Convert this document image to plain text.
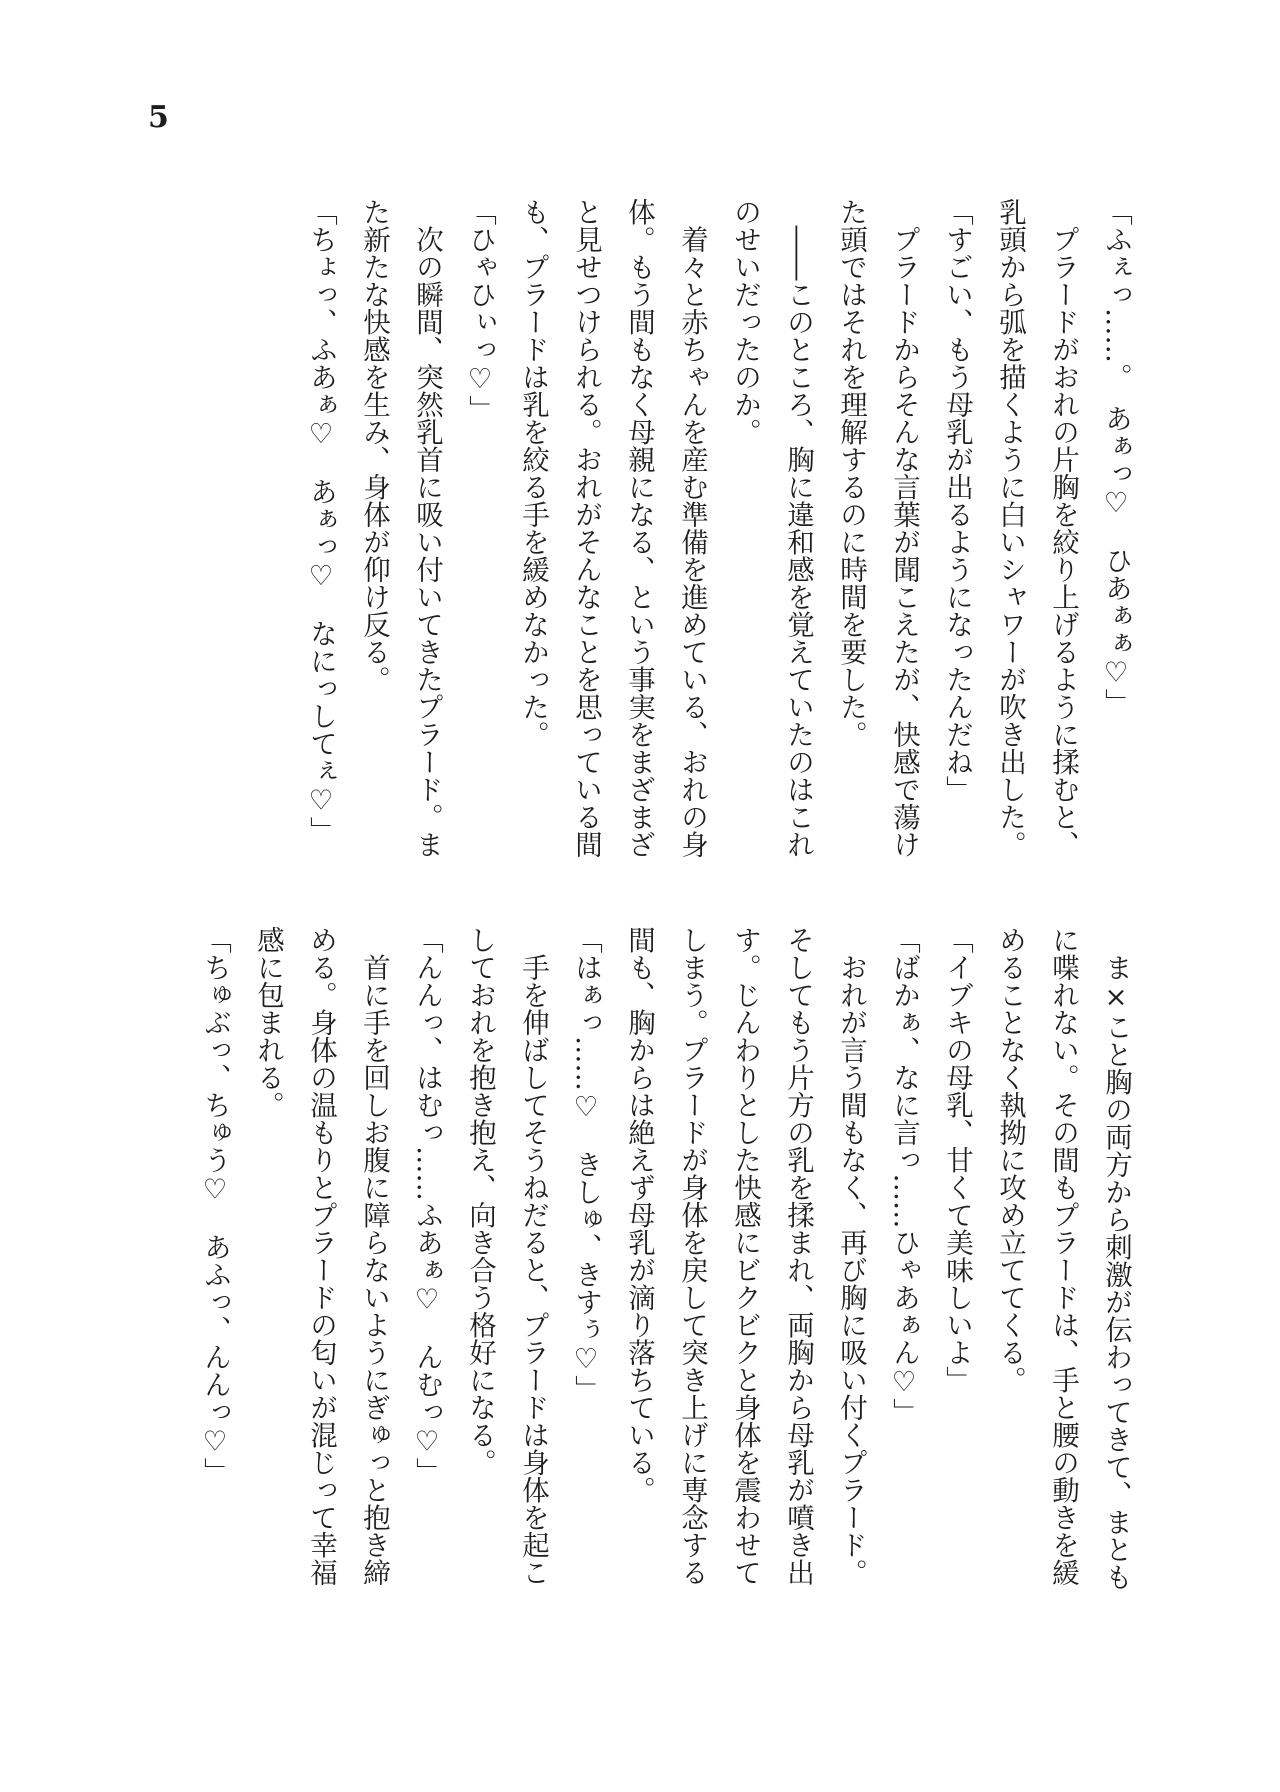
5
「ふぇっ……。　あぁっ♡　ひあぁぁ♡」
　プラードがおれの片胸を絞り上げるように揉むと、
乳頭から弧を描くように白いシャワーが吹き出した。
「すごい、もう母乳が出るようになったんだね」
　プラードからそんな言葉が聞こえたが、快感で蕩け
た頭ではそれを理解するのに時間を要した。
　――このところ、胸に違和感を覚えていたのはこれ
のせいだったのか。
　着々と赤ちゃんを産む準備を進めている、おれの身
体。もう間もなく母親になる、という事実をまざまざ
と見せつけられる。おれがそんなことを思っている間
も、プラードは乳を絞る手を緩めなかった。
「ひゃひぃっ♡」
　次の瞬間、突然乳首に吸い付いてきたプラード。ま
た新たな快感を生み、身体が仰け反る。
「ちょっ、ふあぁ♡　あぁっ♡　なにっしてぇ♡」
　ま×こと胸の両方から刺激が伝わってきて、まとも
に喋れない。その間もプラードは、手と腰の動きを緩
めることなく執拗に攻め立ててくる。
「イブキの母乳、甘くて美味しいよ」
「ばかぁ、なに言っ……ひゃあぁん♡」
　おれが言う間もなく、再び胸に吸い付くプラード。
そしてもう片方の乳を揉まれ、両胸から母乳が噴き出
す。じんわりとした快感にビクビクと身体を震わせて
しまう。プラードが身体を戻して突き上げに専念する
間も、胸からは絶えず母乳が滴り落ちている。
「はぁっ……♡　きしゅ、きすぅ♡」
　手を伸ばしてそうねだると、プラードは身体を起こ
しておれを抱き抱え、向き合う格好になる。
「んんっ、はむっ……ふあぁ♡　んむっ♡」
　首に手を回しお腹に障らないようにぎゅっと抱き締
める。身体の温もりとプラードの匂いが混じって幸福
感に包まれる。
「ちゅぶっ、ちゅう♡　あふっ、んんっ♡」
